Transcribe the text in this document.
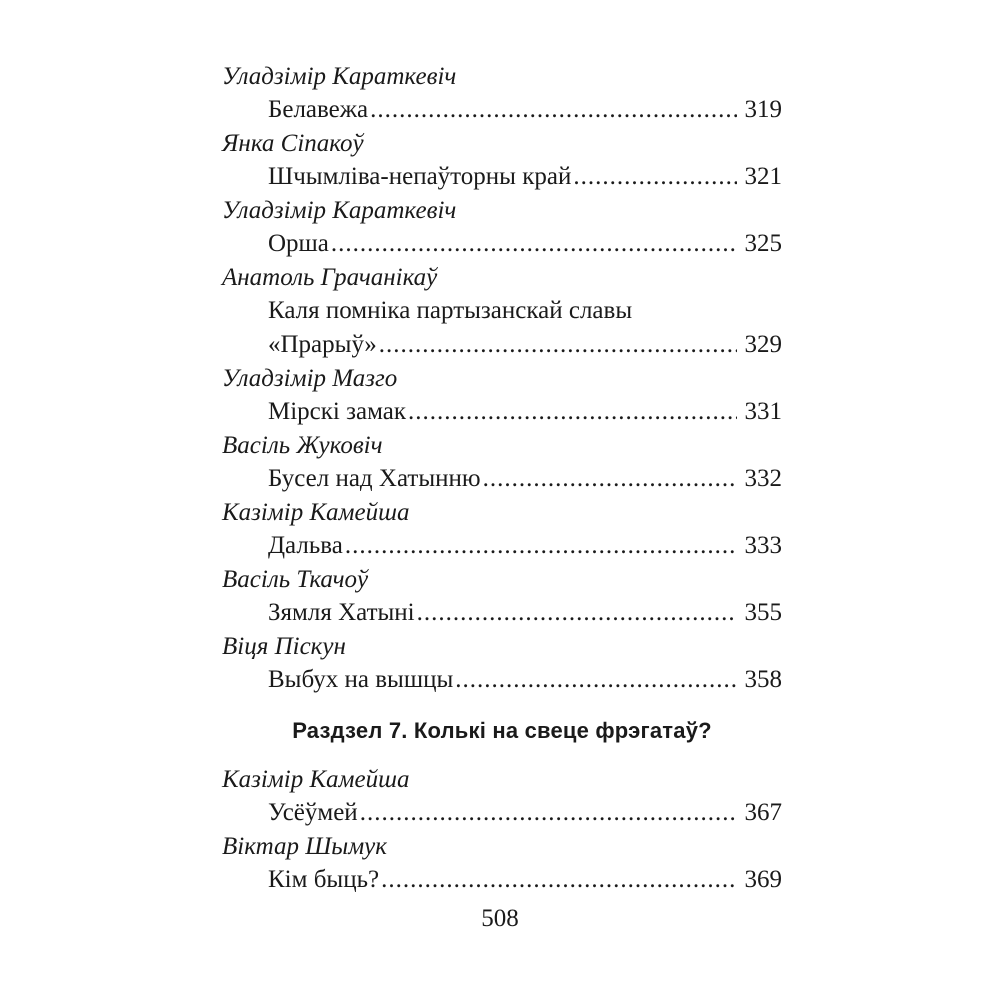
Уладзімір Караткевіч
Белавежа .....	319
Янка Сіпакоў
Шчымліва-непаўторны край .....	321
Уладзімір Караткевіч
Орша .....	325
Анатоль Грачанікаў
Каля помніка партызанскай славы
«Прарыў» .....	329
Уладзімір Мазго
Мірскі замак .....	331
Васіль Жуковіч
Бусел над Хатынню .....	332
Казімір Камейша
Дальва .....	333
Васіль Ткачоў
Зямля Хатыні .....	355
Віця Піскун
Выбух на вышцы .....	358
Раздзел 7. Колькі на свеце фрэгатаў?
Казімір Камейша
Усёўмей .....	367
Віктар Шымук
Кім быць? .....	369
508
